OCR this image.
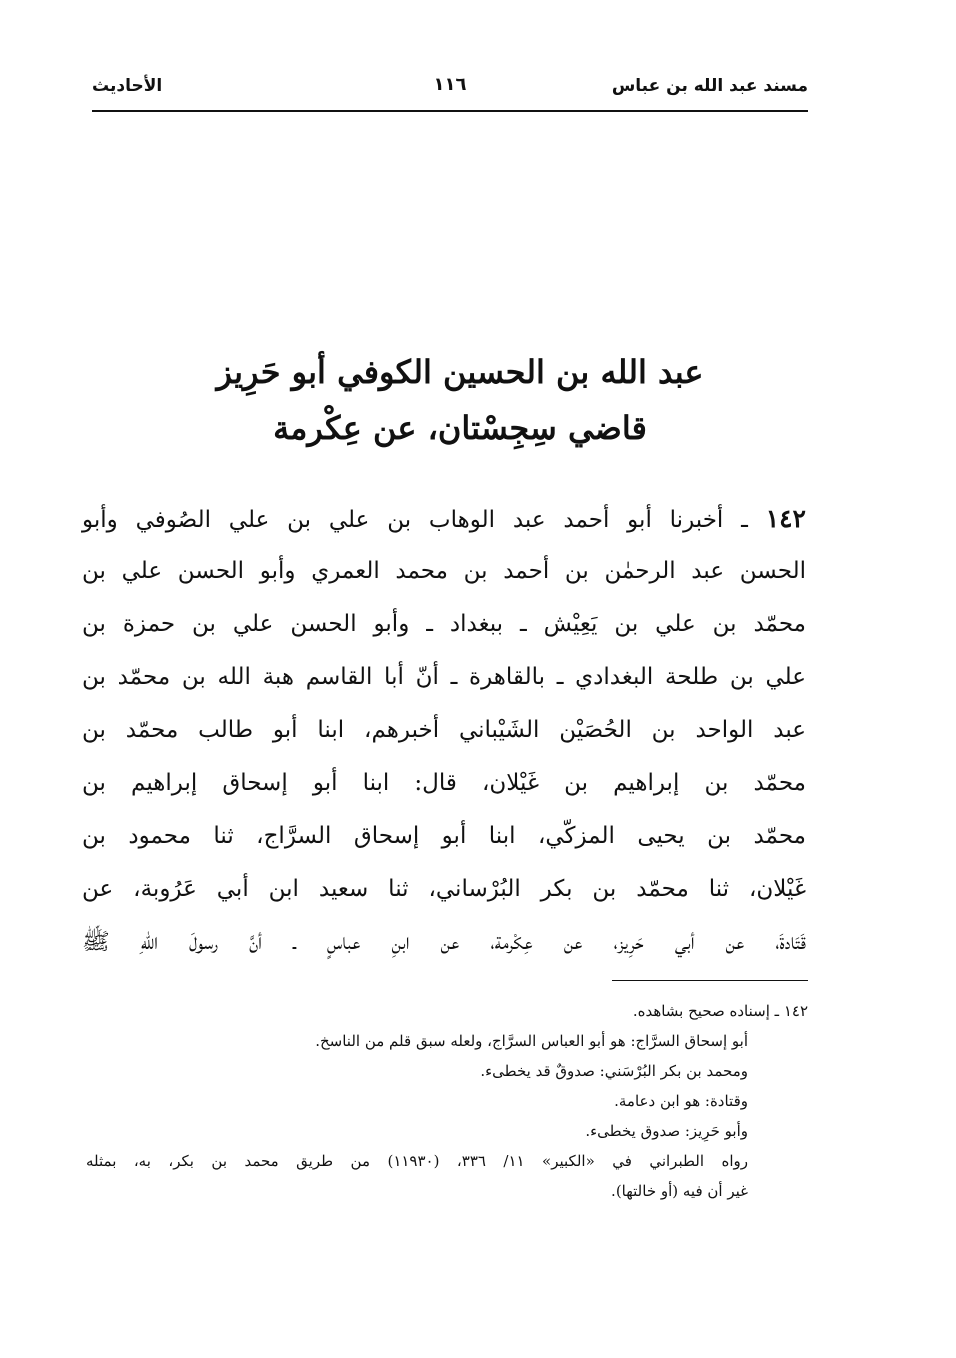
مسند عبد الله بن عباس
١١٦
الأحاديث
عبد الله بن الحسين الكوفي أبو حَرِيز
قاضي سِجِسْتان، عن عِكْرمة
١٤٢ ـ أخبرنا أبو أحمد عبد الوهاب بن علي بن علي الصُوفي وأبو
الحسن عبد الرحمٰن بن أحمد بن محمد العمري وأبو الحسن علي بن
محمّد بن علي بن يَعِيْش ـ ببغداد ـ وأبو الحسن علي بن حمزة بن
علي بن طلحة البغدادي ـ بالقاهرة ـ أنّ أبا القاسم هبة الله بن محمّد بن
عبد الواحد بن الحُصَيْن الشَيْباني أخبرهم، ابنا أبو طالب محمّد بن
محمّد بن إبراهيم بن غَيْلان، قال: ابنا أبو إسحاق إبراهيم بن
محمّد بن يحيى المزكّي، ابنا أبو إسحاق السرَّاج، ثنا محمود بن
غَيْلان، ثنا محمّد بن بكر البُرْساني، ثنا سعيد ابن أبي عَرُوبة، عن
قَتَادةَ، عن أبي حَرِيز، عن عِكْرمة، عن ابنِ عباسٍ ـ أنَّ رسولَ اللّهِ ﷺ
١٤٢ ـ إسناده صحيح بشاهده.
أبو إسحاق السرَّاج: هو أبو العباس السرَّاج، ولعله سبق قلم من الناسخ.
ومحمد بن بكر البُرْسَني: صدوقٌ قد يخطىء.
وقتادة: هو ابن دعامة.
وأبو حَرِيز: صدوق يخطىء.
رواه الطبراني في «الكبير» ١١/ ٣٣٦، (١١٩٣٠) من طريق محمد بن بكر، به، بمثله
غير أن فيه (أو خالتها).
